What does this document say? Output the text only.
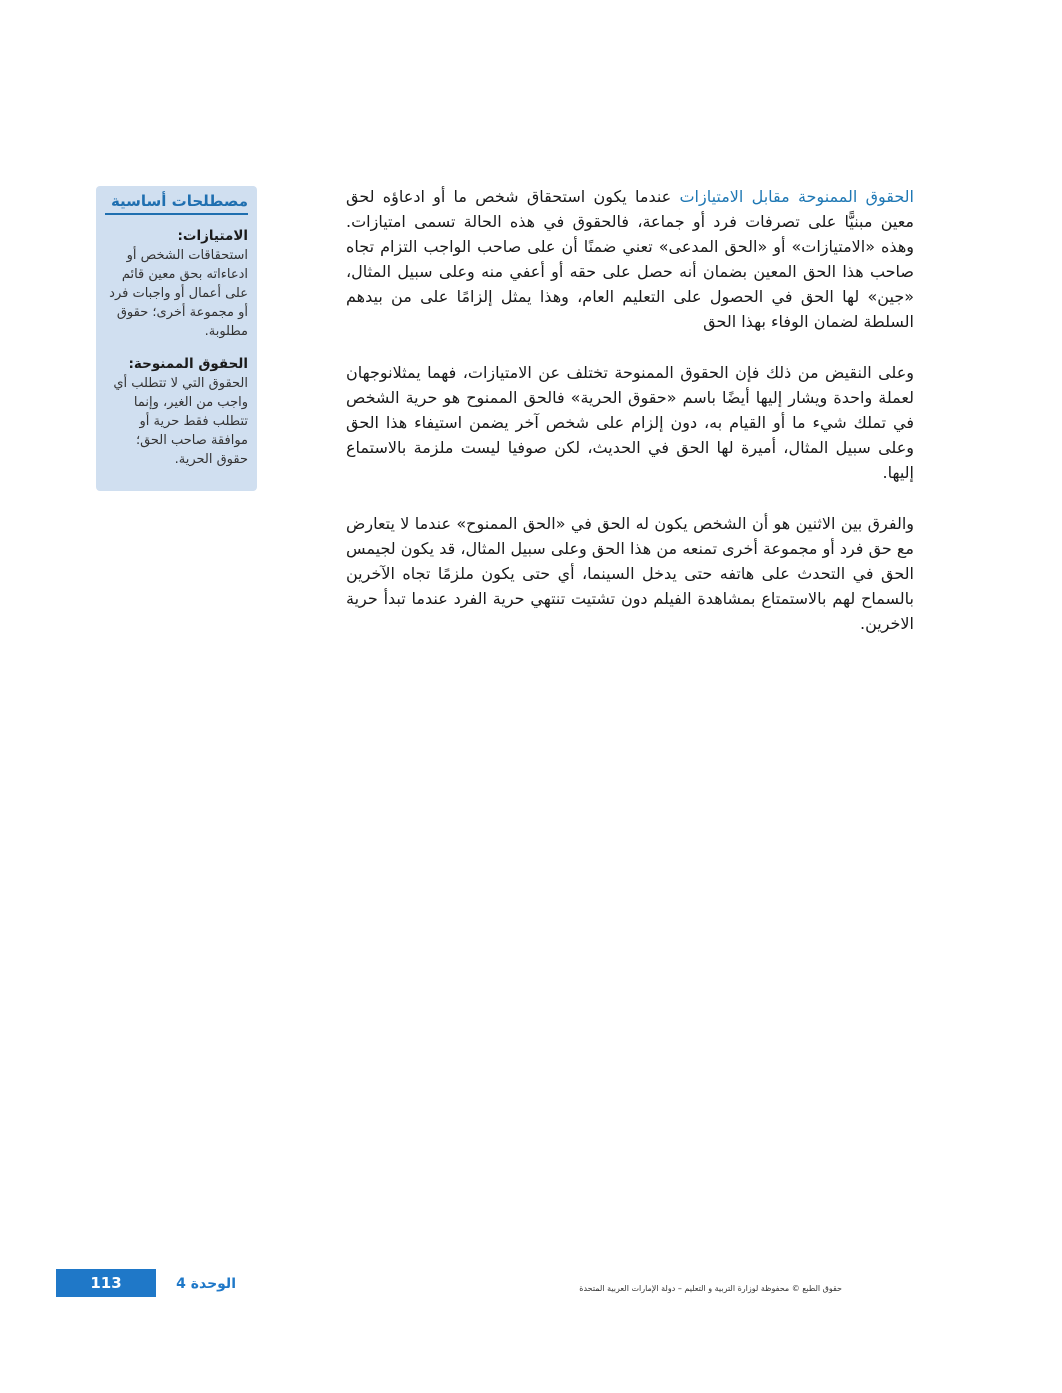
الحقوق الممنوحة مقابل الامتيازات عندما يكون استحقاق شخص ما أو ادعاؤه لحق معين مبنيًّا على تصرفات فرد أو جماعة، فالحقوق في هذه الحالة تسمى امتيازات. وهذه «الامتيازات» أو «الحق المدعى» تعني ضمنًا أن على صاحب الواجب التزام تجاه صاحب هذا الحق المعين بضمان أنه حصل على حقه أو أعفي منه وعلى سبيل المثال، «جين» لها الحق في الحصول على التعليم العام، وهذا يمثل إلزامًا على من بيدهم السلطة لضمان الوفاء بهذا الحق

وعلى النقيض من ذلك فإن الحقوق الممنوحة تختلف عن الامتيازات، فهما يمثلانوجهان لعملة واحدة ويشار إليها أيضًا باسم «حقوق الحرية» فالحق الممنوح هو حرية الشخص في تملك شيء ما أو القيام به، دون إلزام على شخص آخر يضمن استيفاء هذا الحق وعلى سبيل المثال، أميرة لها الحق في الحديث، لكن صوفيا ليست ملزمة بالاستماع إليها.

والفرق بين الاثنين هو أن الشخص يكون له الحق في «الحق الممنوح» عندما لا يتعارض مع حق فرد أو مجموعة أخرى تمنعه من هذا الحق وعلى سبيل المثال، قد يكون لجيمس الحق في التحدث على هاتفه حتى يدخل السينما، أي حتى يكون ملزمًا تجاه الآخرين بالسماح لهم بالاستمتاع بمشاهدة الفيلم دون تشتيت تنتهي حرية الفرد عندما تبدأ حرية الاخرين.

مصطلحات أساسية

الامتيازات:

استحقاقات الشخص أو ادعاءاته بحق معين قائم على أعمال أو واجبات فرد أو مجموعة أخرى؛ حقوق مطلوبة.

الحقوق الممنوحة:

الحقوق التي لا تتطلب أي واجب من الغير، وإنما تتطلب فقط حرية أو موافقة صاحب الحق؛ حقوق الحرية.

113	الوحدة 4	حقوق الطبع © محفوظة لوزارة التربية و التعليم – دولة الإمارات العربية المتحدة
